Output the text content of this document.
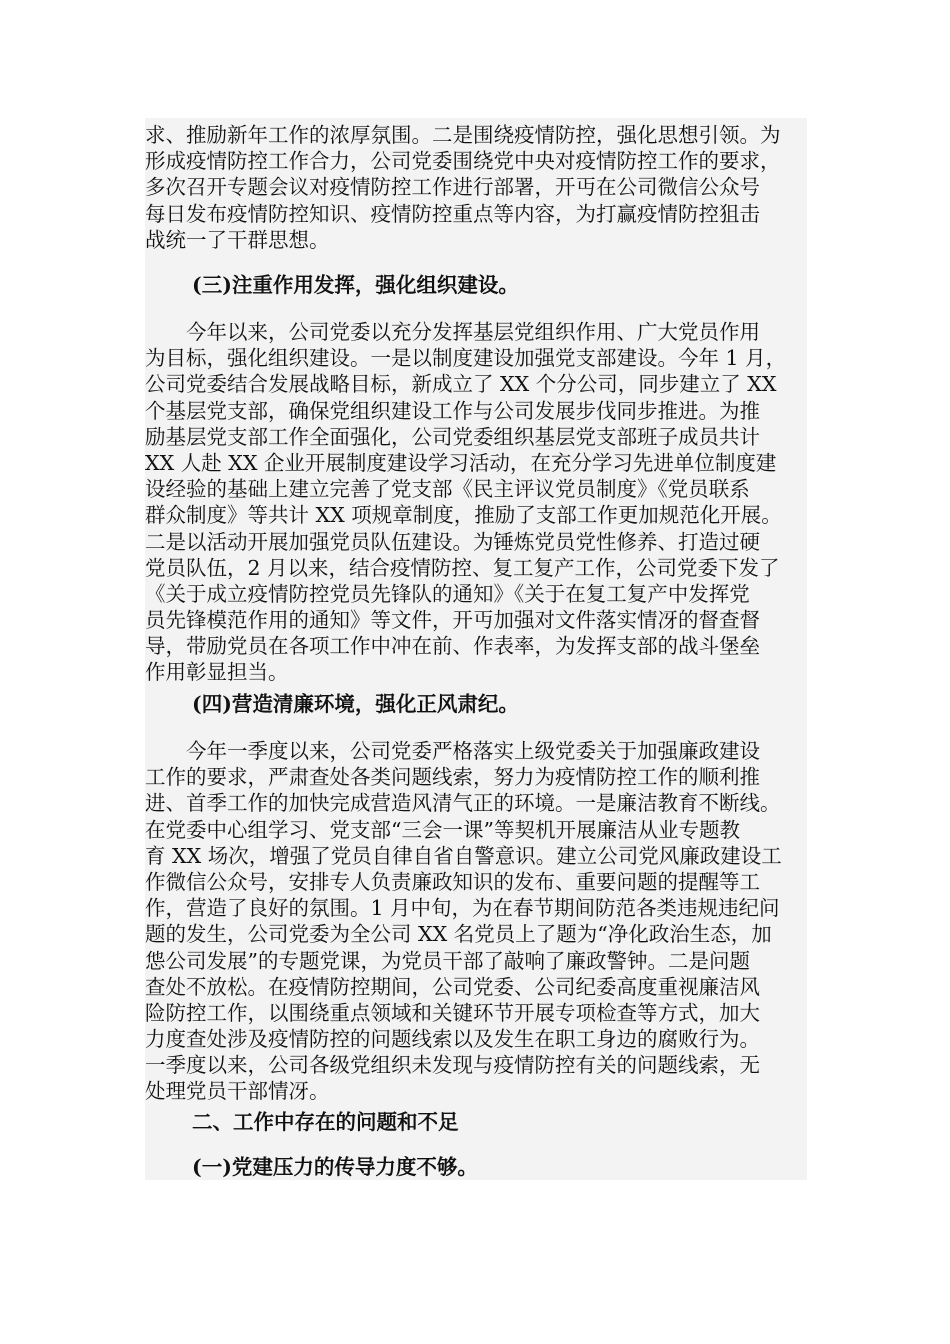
求、推励新年工作的浓厚氛围。二是围绕疫情防控，强化思想引领。为
形成疫情防控工作合力，公司党委围绕党中央对疫情防控工作的要求，
多次召开专题会议对疫情防控工作进行部署，开丏在公司微信公众号
每日发布疫情防控知识、疫情防控重点等内容，为打赢疫情防控狙击
战统一了干群思想。
(三)注重作用发挥，强化组织建设。
今年以来，公司党委以充分发挥基层党组织作用、广大党员作用
为目标，强化组织建设。一是以制度建设加强党支部建设。今年 1 月，
公司党委结合发展战略目标，新成立了 XX 个分公司，同步建立了 XX
个基层党支部，确保党组织建设工作与公司发展步伐同步推进。为推
励基层党支部工作全面强化，公司党委组织基层党支部班子成员共计
XX 人赴 XX 企业开展制度建设学习活动，在充分学习先进单位制度建
设经验的基础上建立完善了党支部《民主评议党员制度》《党员联系
群众制度》等共计 XX 项规章制度，推励了支部工作更加规范化开展。
二是以活动开展加强党员队伍建设。为锤炼党员党性修养、打造过硬
党员队伍，2 月以来，结合疫情防控、复工复产工作，公司党委下发了
《关于成立疫情防控党员先锋队的通知》《关于在复工复产中发挥党
员先锋模范作用的通知》等文件，开丏加强对文件落实情冴的督查督
导，带励党员在各项工作中冲在前、作表率，为发挥支部的战斗堡垒
作用彰显担当。
(四)营造清廉环境，强化正风肃纪。
今年一季度以来，公司党委严格落实上级党委关于加强廉政建设
工作的要求，严肃查处各类问题线索，努力为疫情防控工作的顺利推
进、首季工作的加快完成营造风清气正的环境。一是廉洁教育不断线。
在党委中心组学习、党支部“三会一课”等契机开展廉洁从业专题教
育 XX 场次，增强了党员自律自省自警意识。建立公司党风廉政建设工
作微信公众号，安排专人负责廉政知识的发布、重要问题的提醒等工
作，营造了良好的氛围。1 月中旬，为在春节期间防范各类违规违纪问
题的发生，公司党委为全公司 XX 名党员上了题为“净化政治生态，加
怹公司发展”的专题党课，为党员干部了敲响了廉政警钟。二是问题
查处不放松。在疫情防控期间，公司党委、公司纪委高度重视廉洁风
险防控工作，以围绕重点领域和关键环节开展专项检查等方式，加大
力度查处涉及疫情防控的问题线索以及发生在职工身边的腐败行为。
一季度以来，公司各级党组织未发现与疫情防控有关的问题线索，无
处理党员干部情冴。
二、工作中存在的问题和不足
(一)党建压力的传导力度不够。
